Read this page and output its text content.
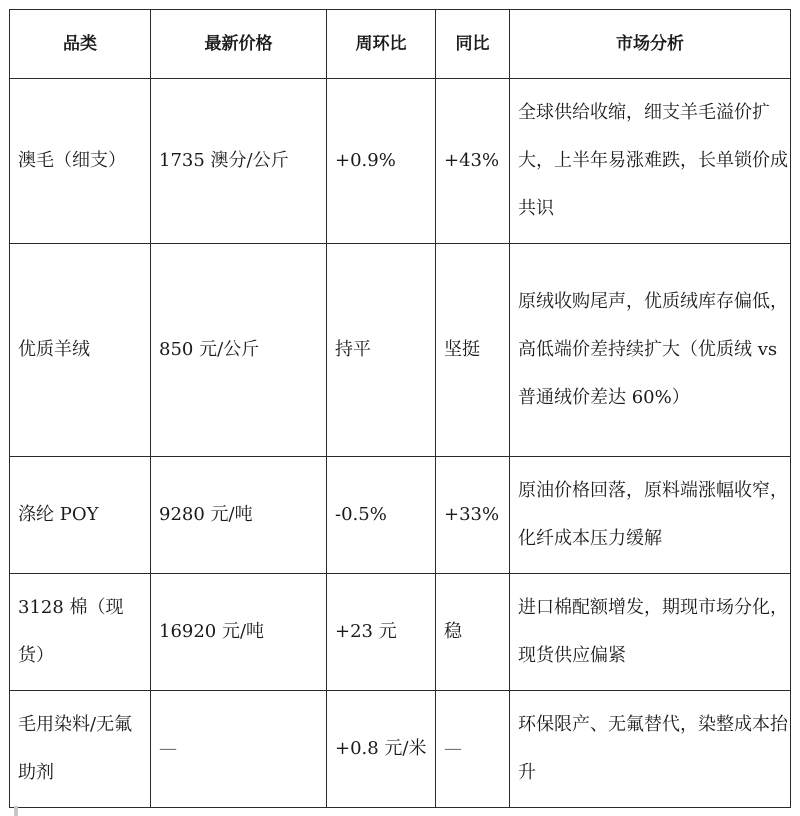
品类	最新价格	周环比	同比	市场分析
澳毛（细支）	1735 澳分/公斤	+0.9%	+43%	全球供给收缩，细支羊毛溢价扩大，上半年易涨难跌，长单锁价成共识
优质羊绒	850 元/公斤	持平	坚挺	原绒收购尾声，优质绒库存偏低，高低端价差持续扩大（优质绒 vs 普通绒价差达 60%）
涤纶 POY	9280 元/吨	-0.5%	+33%	原油价格回落，原料端涨幅收窄，化纤成本压力缓解
3128 棉（现货）	16920 元/吨	+23 元	稳	进口棉配额增发，期现市场分化，现货供应偏紧
毛用染料/无氟助剂	—	+0.8 元/米	—	环保限产、无氟替代，染整成本抬升
